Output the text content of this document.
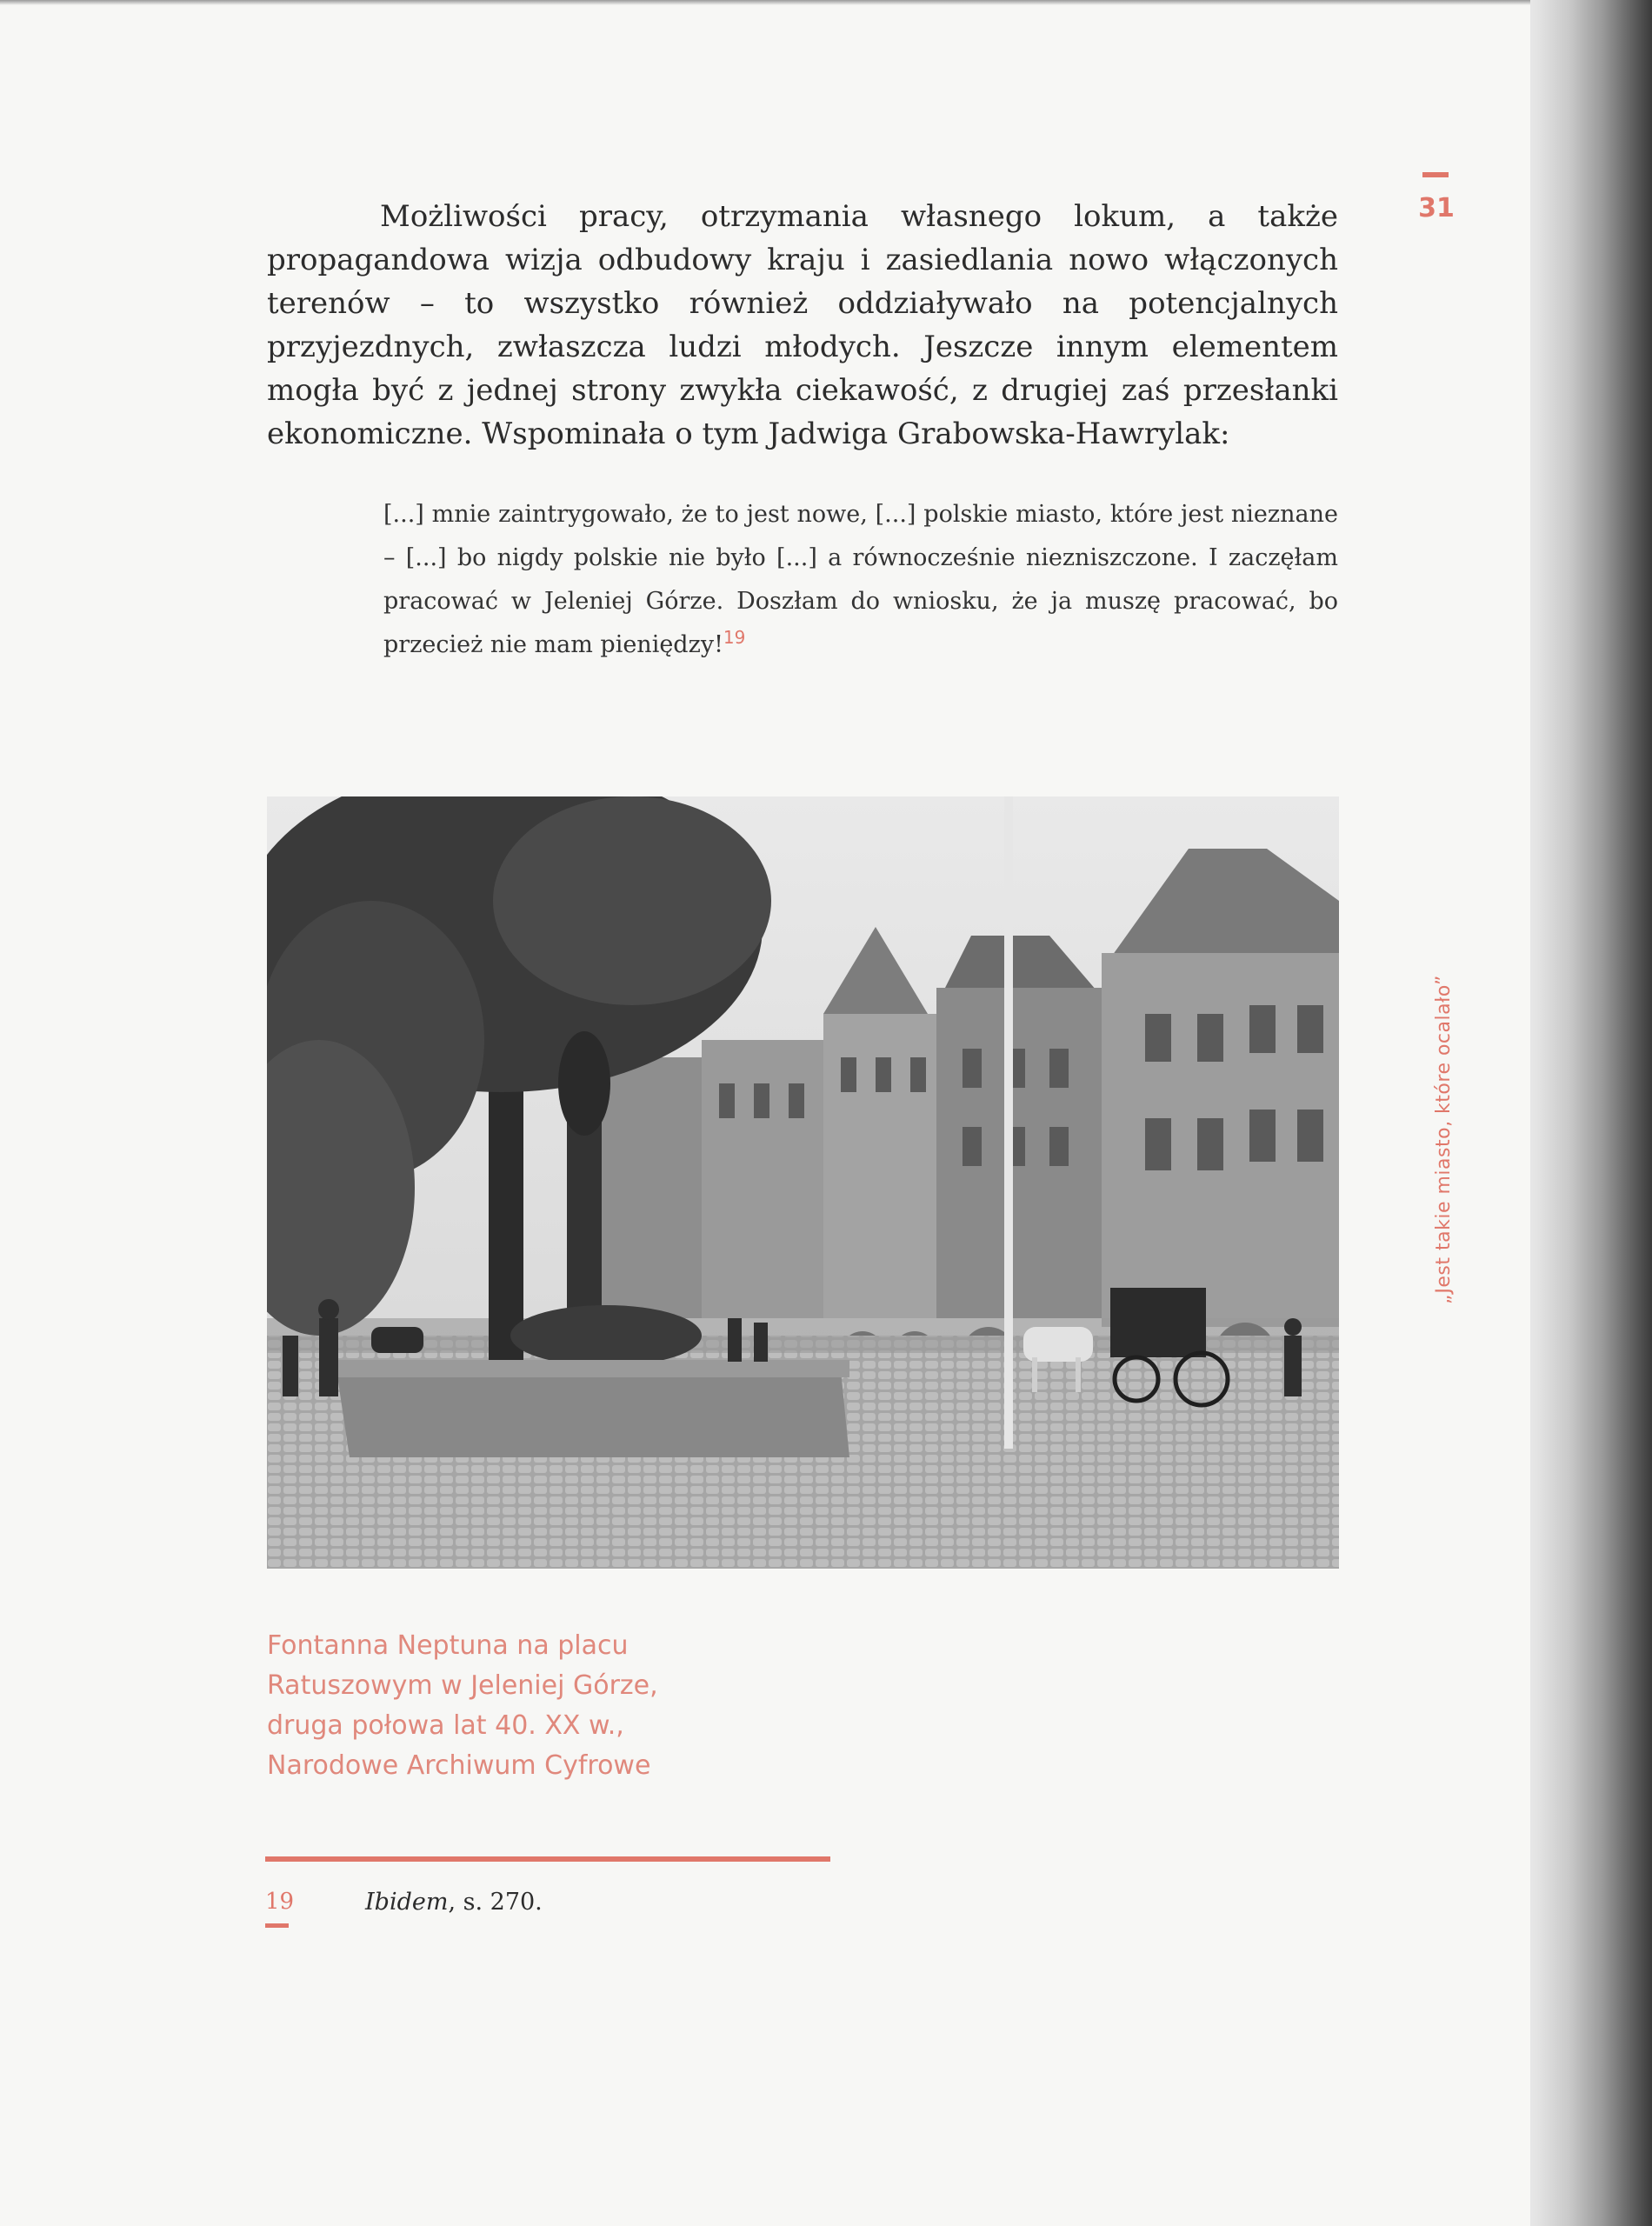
31
„Jest takie miasto, które ocalało”

Możliwości pracy, otrzymania własnego lokum, a także propagandowa wizja odbudowy kraju i zasiedlania nowo włączonych terenów – to wszystko również oddziaływało na potencjalnych przyjezdnych, zwłaszcza ludzi młodych. Jeszcze innym elementem mogła być z jednej strony zwykła ciekawość, z drugiej zaś przesłanki ekonomiczne. Wspominała o tym Jadwiga Grabowska-Hawrylak:

[...] mnie zaintrygowało, że to jest nowe, [...] polskie miasto, które jest nieznane – [...] bo nigdy polskie nie było [...] a równocześnie niezniszczone. I zaczęłam pracować w Jeleniej Górze. Doszłam do wniosku, że ja muszę pracować, bo przecież nie mam pieniędzy!$^{19}$

Fontanna Neptuna na placu
Ratuszowym w Jeleniej Górze,
druga połowa lat 40. XX w.,
Narodowe Archiwum Cyfrowe
19	Ibidem, s. 270.
